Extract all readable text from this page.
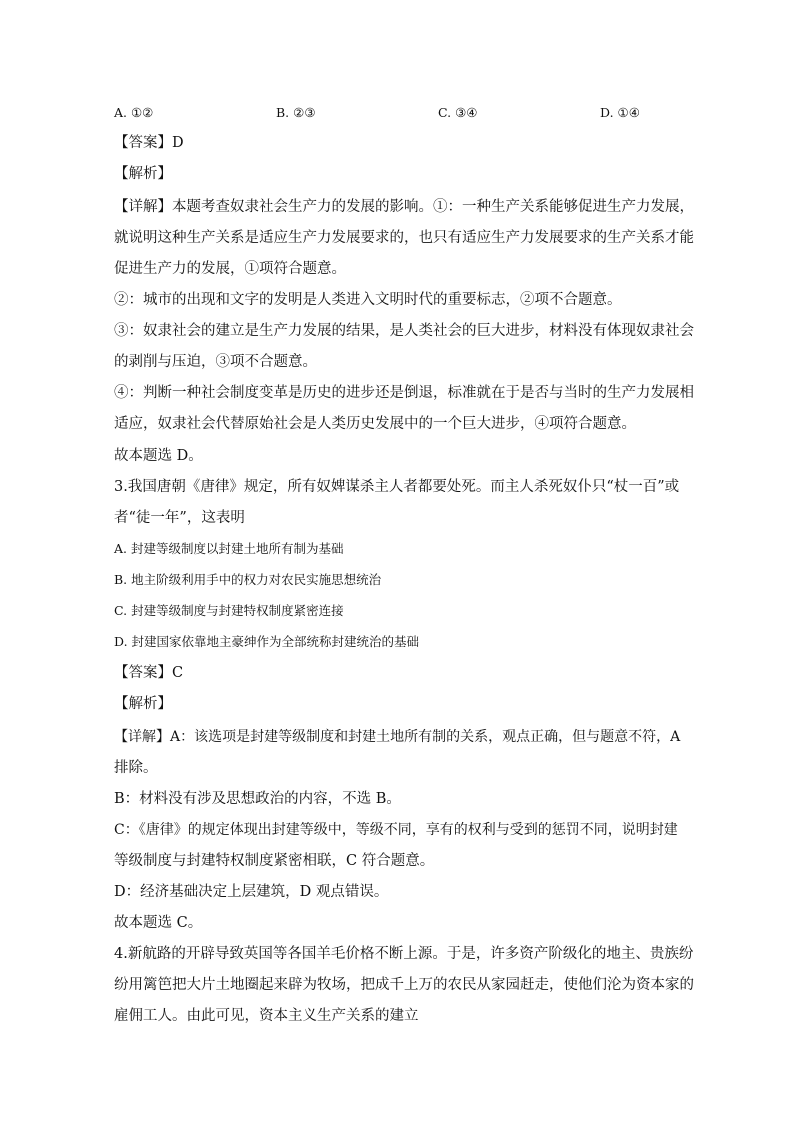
A. ①②	B. ②③	C. ③④	D. ①④
【答案】D
【解析】
【详解】本题考查奴隶社会生产力的发展的影响。①：一种生产关系能够促进生产力发展，
就说明这种生产关系是适应生产力发展要求的，也只有适应生产力发展要求的生产关系才能
促进生产力的发展，①项符合题意。
②：城市的出现和文字的发明是人类进入文明时代的重要标志，②项不合题意。
③：奴隶社会的建立是生产力发展的结果，是人类社会的巨大进步，材料没有体现奴隶社会
的剥削与压迫，③项不合题意。
④：判断一种社会制度变革是历史的进步还是倒退，标准就在于是否与当时的生产力发展相
适应，奴隶社会代替原始社会是人类历史发展中的一个巨大进步，④项符合题意。
故本题选 D。
3.我国唐朝《唐律》规定，所有奴婢谋杀主人者都要处死。而主人杀死奴仆只“杖一百”或
者“徒一年”，这表明
A. 封建等级制度以封建土地所有制为基础
B. 地主阶级利用手中的权力对农民实施思想统治
C. 封建等级制度与封建特权制度紧密连接
D. 封建国家依靠地主豪绅作为全部统称封建统治的基础
【答案】C
【解析】
【详解】A：该选项是封建等级制度和封建土地所有制的关系，观点正确，但与题意不符，A
排除。
B：材料没有涉及思想政治的内容，不选 B。
C：《唐律》的规定体现出封建等级中，等级不同，享有的权利与受到的惩罚不同，说明封建
等级制度与封建特权制度紧密相联，C 符合题意。
D：经济基础决定上层建筑，D 观点错误。
故本题选 C。
4.新航路的开辟导致英国等各国羊毛价格不断上源。于是，许多资产阶级化的地主、贵族纷
纷用篱笆把大片土地圈起来辟为牧场，把成千上万的农民从家园赶走，使他们沦为资本家的
雇佣工人。由此可见，资本主义生产关系的建立
